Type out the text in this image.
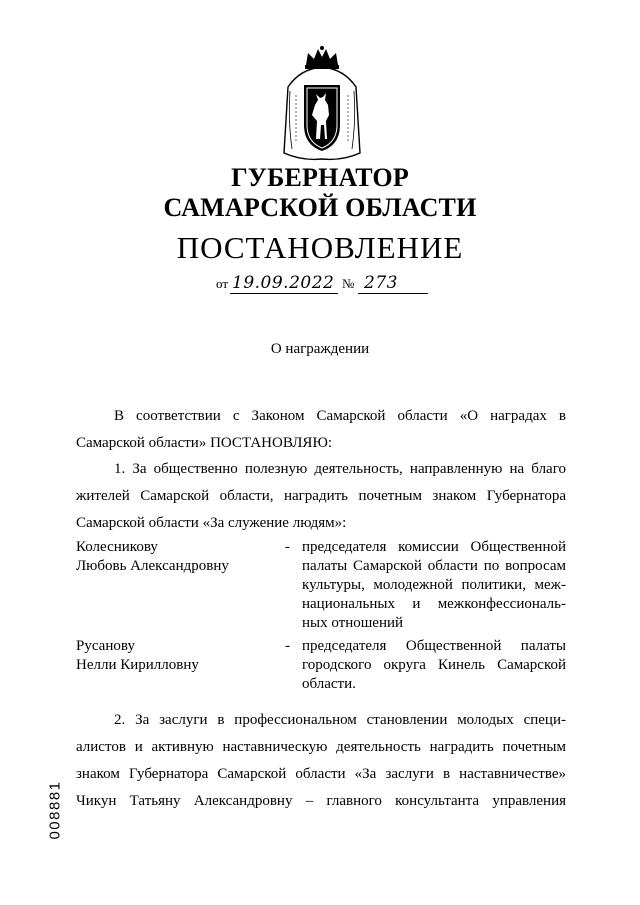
ГУБЕРНАТОР
САМАРСКОЙ ОБЛАСТИ
ПОСТАНОВЛЕНИЕ
от 19.09.2022 № 273
О награждении
В соответствии с Законом Самарской области «О наградах в
Самарской области» ПОСТАНОВЛЯЮ:
1. За общественно полезную деятельность, направленную на благо
жителей Самарской области, наградить почетным знаком Губернатора
Самарской области «За служение людям»:
Колесникову
Любовь Александровну
- председателя комиссии Общественной
палаты Самарской области по вопросам
культуры, молодежной политики, меж-
национальных и межконфессиональ-
ных отношений
Русанову
Нелли Кирилловну
- председателя Общественной палаты
городского округа Кинель Самарской
области.
2. За заслуги в профессиональном становлении молодых специ-
алистов и активную наставническую деятельность наградить почетным
знаком Губернатора Самарской области «За заслуги в наставничестве»
Чикун Татьяну Александровну – главного консультанта управления
008881
